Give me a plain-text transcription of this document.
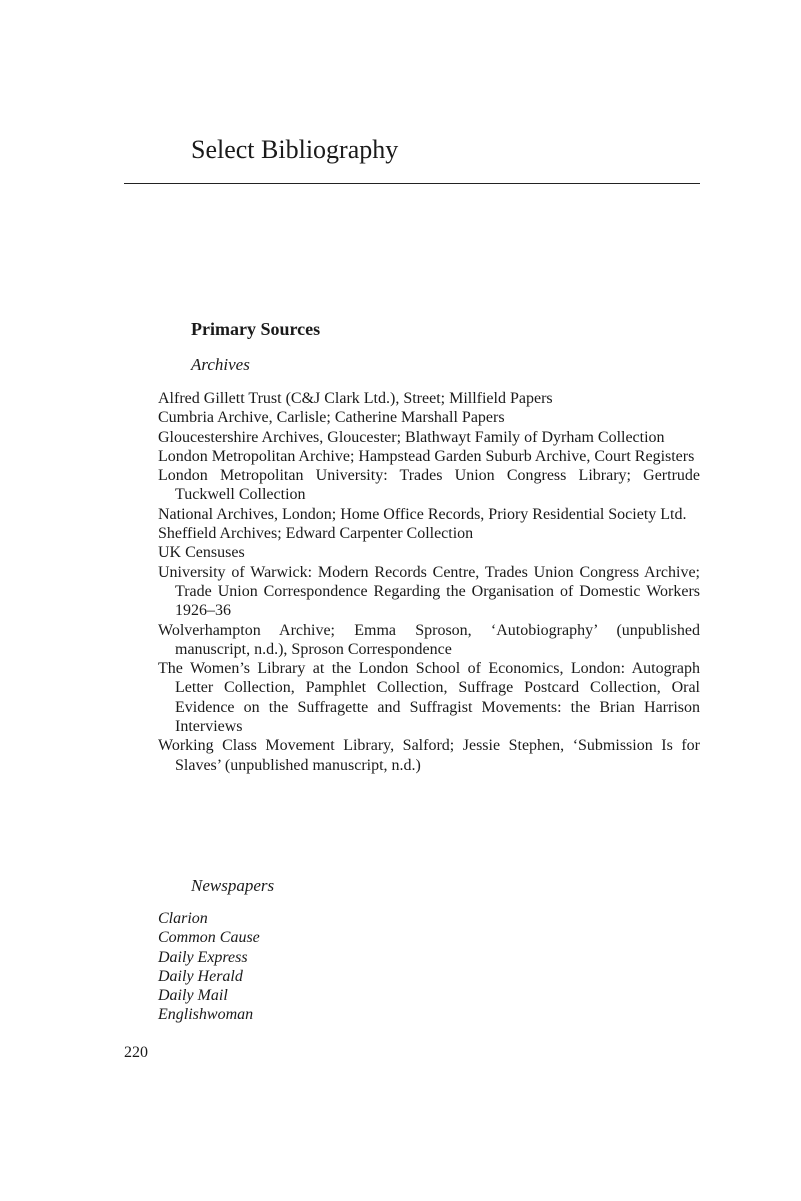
Select Bibliography
Primary Sources
Archives
Alfred Gillett Trust (C&J Clark Ltd.), Street; Millfield Papers
Cumbria Archive, Carlisle; Catherine Marshall Papers
Gloucestershire Archives, Gloucester; Blathwayt Family of Dyrham Collection
London Metropolitan Archive; Hampstead Garden Suburb Archive, Court Registers
London Metropolitan University: Trades Union Congress Library; Gertrude Tuckwell Collection
National Archives, London; Home Office Records, Priory Residential Society Ltd.
Sheffield Archives; Edward Carpenter Collection
UK Censuses
University of Warwick: Modern Records Centre, Trades Union Congress Archive; Trade Union Correspondence Regarding the Organisation of Domestic Workers 1926–36
Wolverhampton Archive; Emma Sproson, ‘Autobiography’ (unpublished manuscript, n.d.), Sproson Correspondence
The Women’s Library at the London School of Economics, London: Autograph Letter Collection, Pamphlet Collection, Suffrage Postcard Collection, Oral Evidence on the Suffragette and Suffragist Movements: the Brian Harrison Interviews
Working Class Movement Library, Salford; Jessie Stephen, ‘Submission Is for Slaves’ (unpublished manuscript, n.d.)
Newspapers
Clarion
Common Cause
Daily Express
Daily Herald
Daily Mail
Englishwoman
220
